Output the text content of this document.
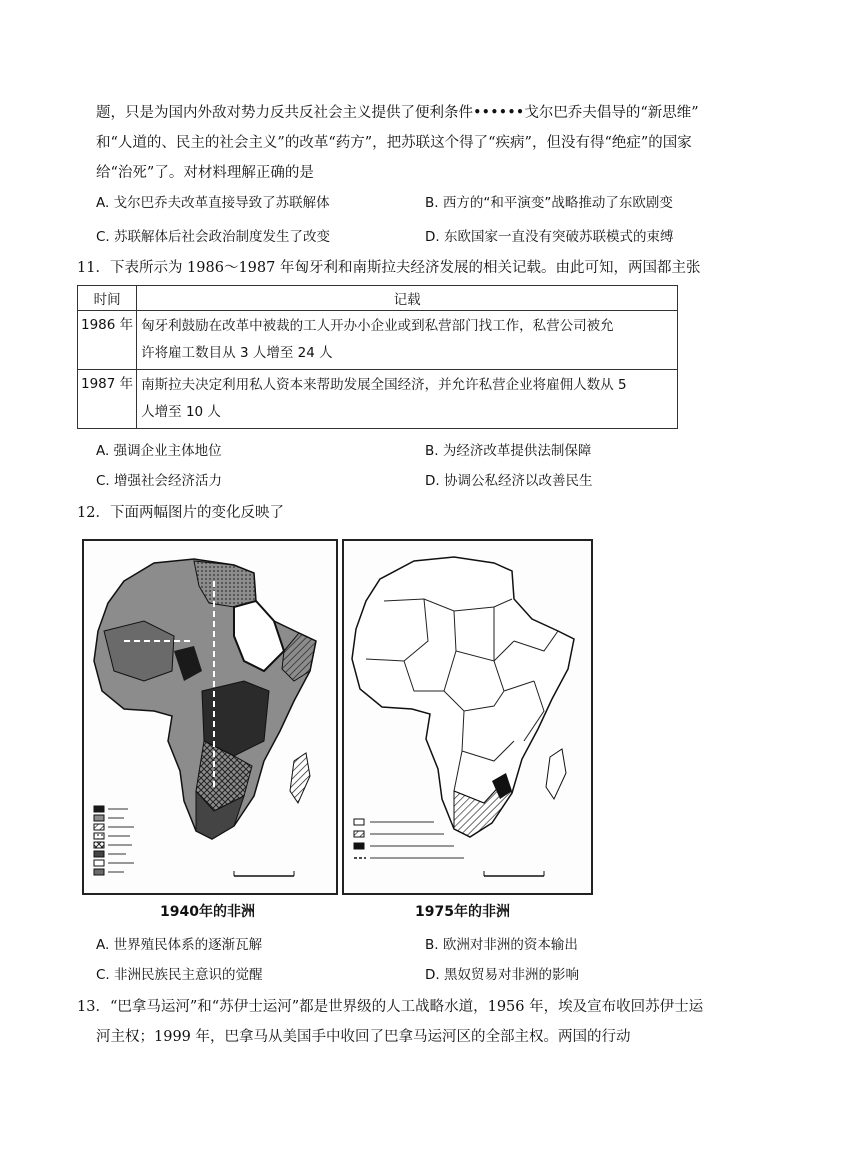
题，只是为国内外敌对势力反共反社会主义提供了便利条件••••••戈尔巴乔夫倡导的“新思维”
和“人道的、民主的社会主义”的改革“药方”，把苏联这个得了“疾病”，但没有得“绝症”的国家
给“治死”了。对材料理解正确的是
A. 戈尔巴乔夫改革直接导致了苏联解体	B. 西方的“和平演变”战略推动了东欧剧变
C. 苏联解体后社会政治制度发生了改变	D. 东欧国家一直没有突破苏联模式的束缚
11．下表所示为 1986～1987 年匈牙利和南斯拉夫经济发展的相关记载。由此可知，两国都主张
时间	记载
1986 年	匈牙利鼓励在改革中被裁的工人开办小企业或到私营部门找工作，私营公司被允
许将雇工数目从 3 人增至 24 人

1987 年	南斯拉夫决定利用私人资本来帮助发展全国经济，并允许私营企业将雇佣人数从 5
人增至 10 人
A. 强调企业主体地位	B. 为经济改革提供法制保障
C. 增强社会经济活力	D. 协调公私经济以改善民生
12．下面两幅图片的变化反映了
1940年的非洲	1975年的非洲
A. 世界殖民体系的逐渐瓦解	B. 欧洲对非洲的资本输出
C. 非洲民族民主意识的觉醒	D. 黑奴贸易对非洲的影响
13．“巴拿马运河”和“苏伊士运河”都是世界级的人工战略水道，1956 年，埃及宣布收回苏伊士运
河主权；1999 年，巴拿马从美国手中收回了巴拿马运河区的全部主权。两国的行动
